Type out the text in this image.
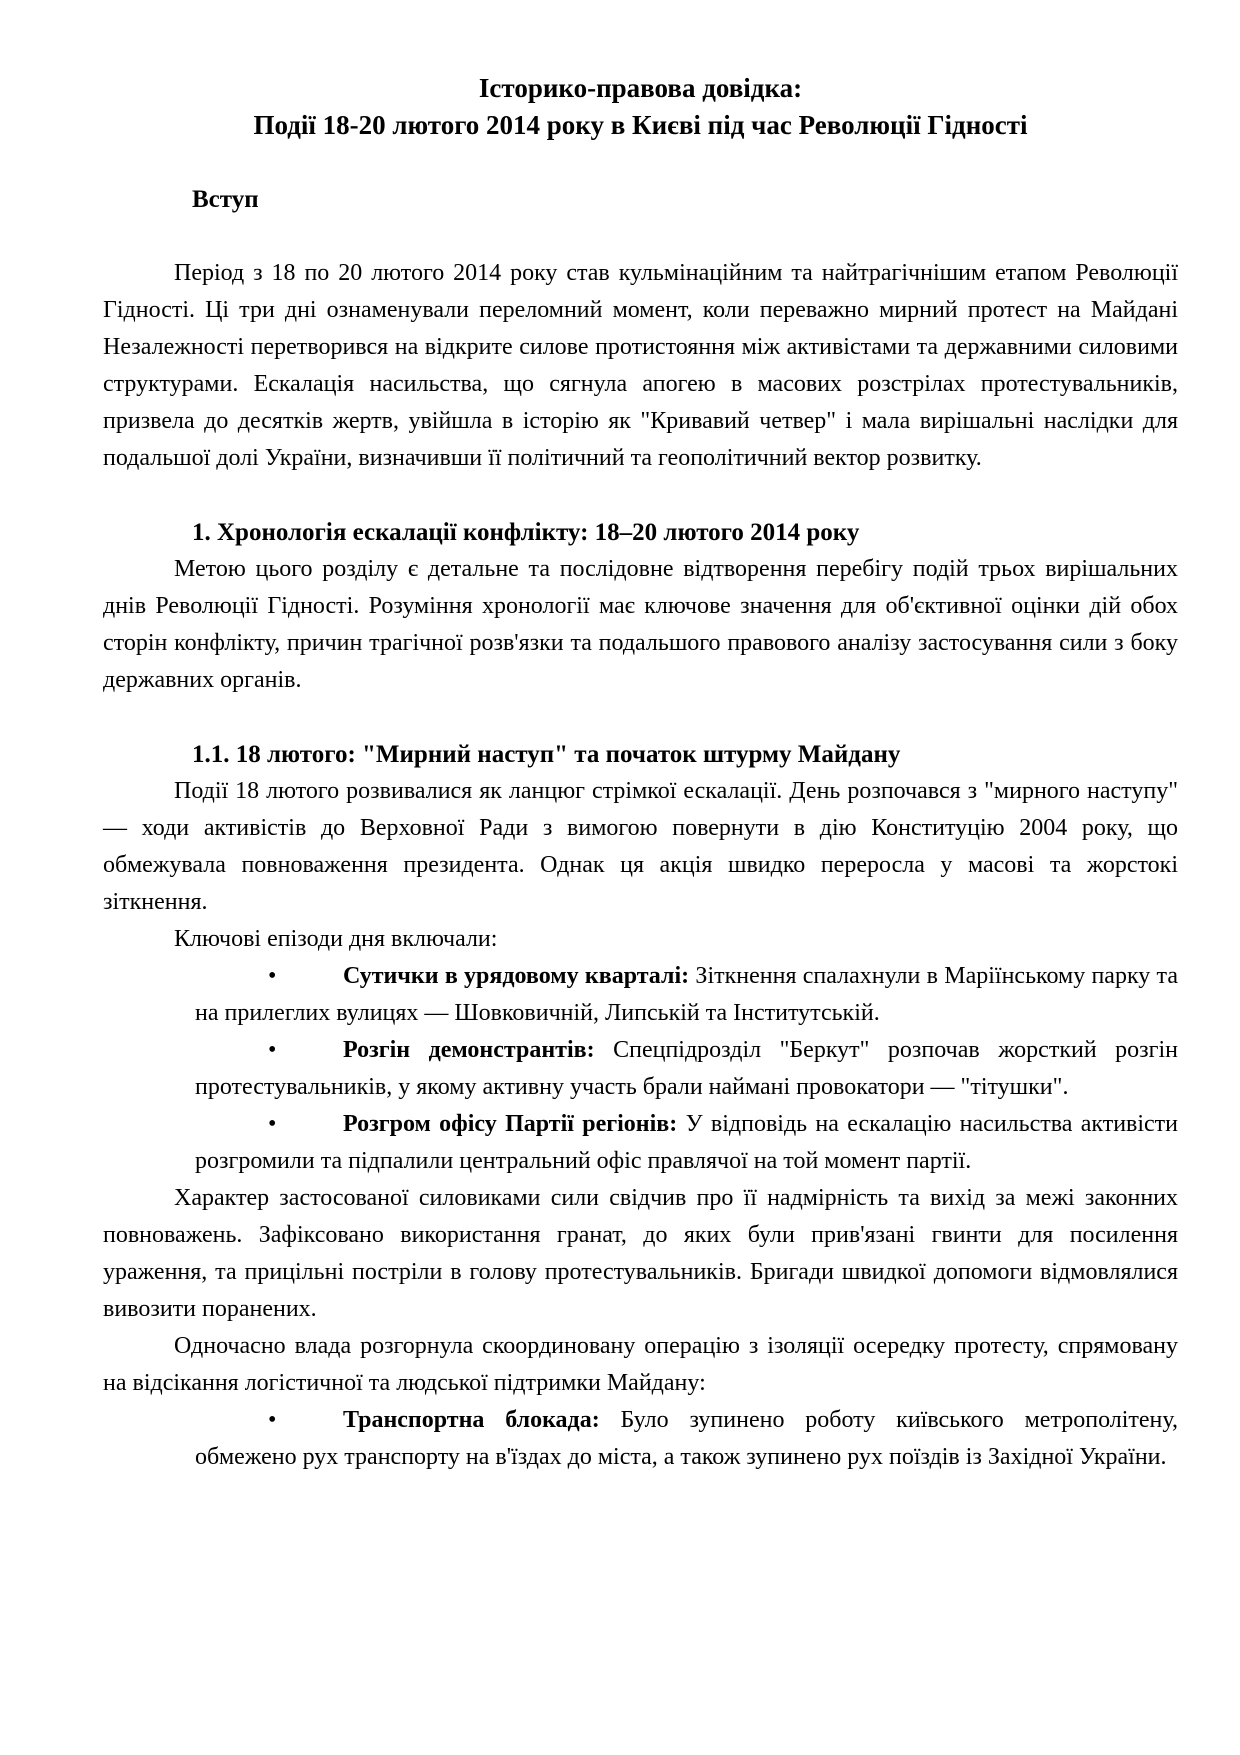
Історико-правова довідка:
Події 18-20 лютого 2014 року в Києві під час Революції Гідності
Вступ

Період з 18 по 20 лютого 2014 року став кульмінаційним та найтрагічнішим етапом Революції Гідності. Ці три дні ознаменували переломний момент, коли переважно мирний протест на Майдані Незалежності перетворився на відкрите силове протистояння між активістами та державними силовими структурами. Ескалація насильства, що сягнула апогею в масових розстрілах протестувальників, призвела до десятків жертв, увійшла в історію як "Кривавий четвер" і мала вирішальні наслідки для подальшої долі України, визначивши її політичний та геополітичний вектор розвитку.

1. Хронологія ескалації конфлікту: 18–20 лютого 2014 року

Метою цього розділу є детальне та послідовне відтворення перебігу подій трьох вирішальних днів Революції Гідності. Розуміння хронології має ключове значення для об'єктивної оцінки дій обох сторін конфлікту, причин трагічної розв'язки та подальшого правового аналізу застосування сили з боку державних органів.

1.1. 18 лютого: "Мирний наступ" та початок штурму Майдану

Події 18 лютого розвивалися як ланцюг стрімкої ескалації. День розпочався з "мирного наступу" — ходи активістів до Верховної Ради з вимогою повернути в дію Конституцію 2004 року, що обмежувала повноваження президента. Однак ця акція швидко переросла у масові та жорстокі зіткнення.

Ключові епізоди дня включали:

•	Сутички в урядовому кварталі: Зіткнення спалахнули в Маріїнському парку та на прилеглих вулицях — Шовковичній, Липській та Інститутській.
•	Розгін демонстрантів: Спецпідрозділ "Беркут" розпочав жорсткий розгін протестувальників, у якому активну участь брали наймані провокатори — "тітушки".
•	Розгром офісу Партії регіонів: У відповідь на ескалацію насильства активісти розгромили та підпалили центральний офіс правлячої на той момент партії.

Характер застосованої силовиками сили свідчив про її надмірність та вихід за межі законних повноважень. Зафіксовано використання гранат, до яких були прив'язані гвинти для посилення ураження, та прицільні постріли в голову протестувальників. Бригади швидкої допомоги відмовлялися вивозити поранених.

Одночасно влада розгорнула скоординовану операцію з ізоляції осередку протесту, спрямовану на відсікання логістичної та людської підтримки Майдану:

•	Транспортна блокада: Було зупинено роботу київського метрополітену, обмежено рух транспорту на в'їздах до міста, а також зупинено рух поїздів із Західної України.
